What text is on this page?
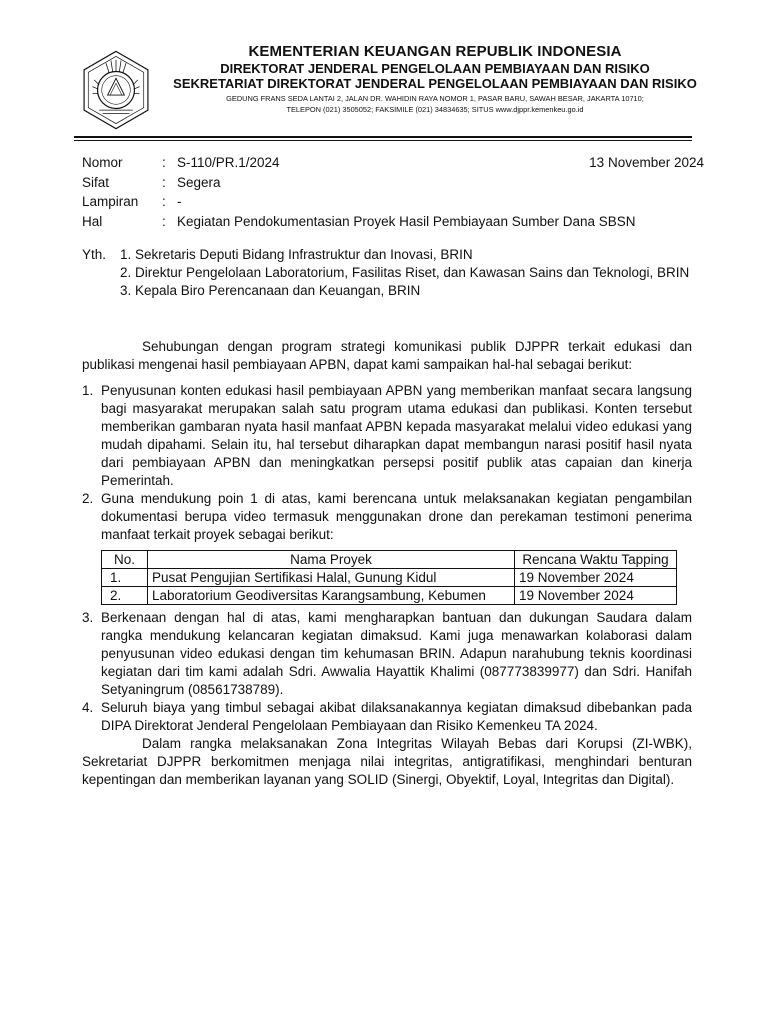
KEMENTERIAN KEUANGAN REPUBLIK INDONESIA
DIREKTORAT JENDERAL PENGELOLAAN PEMBIAYAAN DAN RISIKO
SEKRETARIAT DIREKTORAT JENDERAL PENGELOLAAN PEMBIAYAAN DAN RISIKO
GEDUNG FRANS SEDA LANTAI 2, JALAN DR. WAHIDIN RAYA NOMOR 1, PASAR BARU, SAWAH BESAR, JAKARTA 10710;
TELEPON (021) 3505052; FAKSIMILE (021) 34834635; SITUS www.djppr.kemenkeu.go.id
Nomor	: S-110/PR.1/2024	13 November 2024
Sifat	: Segera
Lampiran : -
Hal	: Kegiatan Pendokumentasian Proyek Hasil Pembiayaan Sumber Dana SBSN
Yth. 1. Sekretaris Deputi Bidang Infrastruktur dan Inovasi, BRIN
2. Direktur Pengelolaan Laboratorium, Fasilitas Riset, dan Kawasan Sains dan Teknologi, BRIN
3. Kepala Biro Perencanaan dan Keuangan, BRIN

Sehubungan dengan program strategi komunikasi publik DJPPR terkait edukasi dan publikasi mengenai hasil pembiayaan APBN, dapat kami sampaikan hal-hal sebagai berikut:

1. Penyusunan konten edukasi hasil pembiayaan APBN yang memberikan manfaat secara langsung bagi masyarakat merupakan salah satu program utama edukasi dan publikasi. Konten tersebut memberikan gambaran nyata hasil manfaat APBN kepada masyarakat melalui video edukasi yang mudah dipahami. Selain itu, hal tersebut diharapkan dapat membangun narasi positif hasil nyata dari pembiayaan APBN dan meningkatkan persepsi positif publik atas capaian dan kinerja Pemerintah.
2. Guna mendukung poin 1 di atas, kami berencana untuk melaksanakan kegiatan pengambilan dokumentasi berupa video termasuk menggunakan drone dan perekaman testimoni penerima manfaat terkait proyek sebagai berikut:
No.	Nama Proyek	Rencana Waktu Tapping
1.	Pusat Pengujian Sertifikasi Halal, Gunung Kidul	19 November 2024
2.	Laboratorium Geodiversitas Karangsambung, Kebumen	19 November 2024
3. Berkenaan dengan hal di atas, kami mengharapkan bantuan dan dukungan Saudara dalam rangka mendukung kelancaran kegiatan dimaksud. Kami juga menawarkan kolaborasi dalam penyusunan video edukasi dengan tim kehumasan BRIN. Adapun narahubung teknis koordinasi kegiatan dari tim kami adalah Sdri. Awwalia Hayattik Khalimi (087773839977) dan Sdri. Hanifah Setyaningrum (08561738789).
4. Seluruh biaya yang timbul sebagai akibat dilaksanakannya kegiatan dimaksud dibebankan pada DIPA Direktorat Jenderal Pengelolaan Pembiayaan dan Risiko Kemenkeu TA 2024.

Dalam rangka melaksanakan Zona Integritas Wilayah Bebas dari Korupsi (ZI-WBK), Sekretariat DJPPR berkomitmen menjaga nilai integritas, antigratifikasi, menghindari benturan kepentingan dan memberikan layanan yang SOLID (Sinergi, Obyektif, Loyal, Integritas dan Digital).
